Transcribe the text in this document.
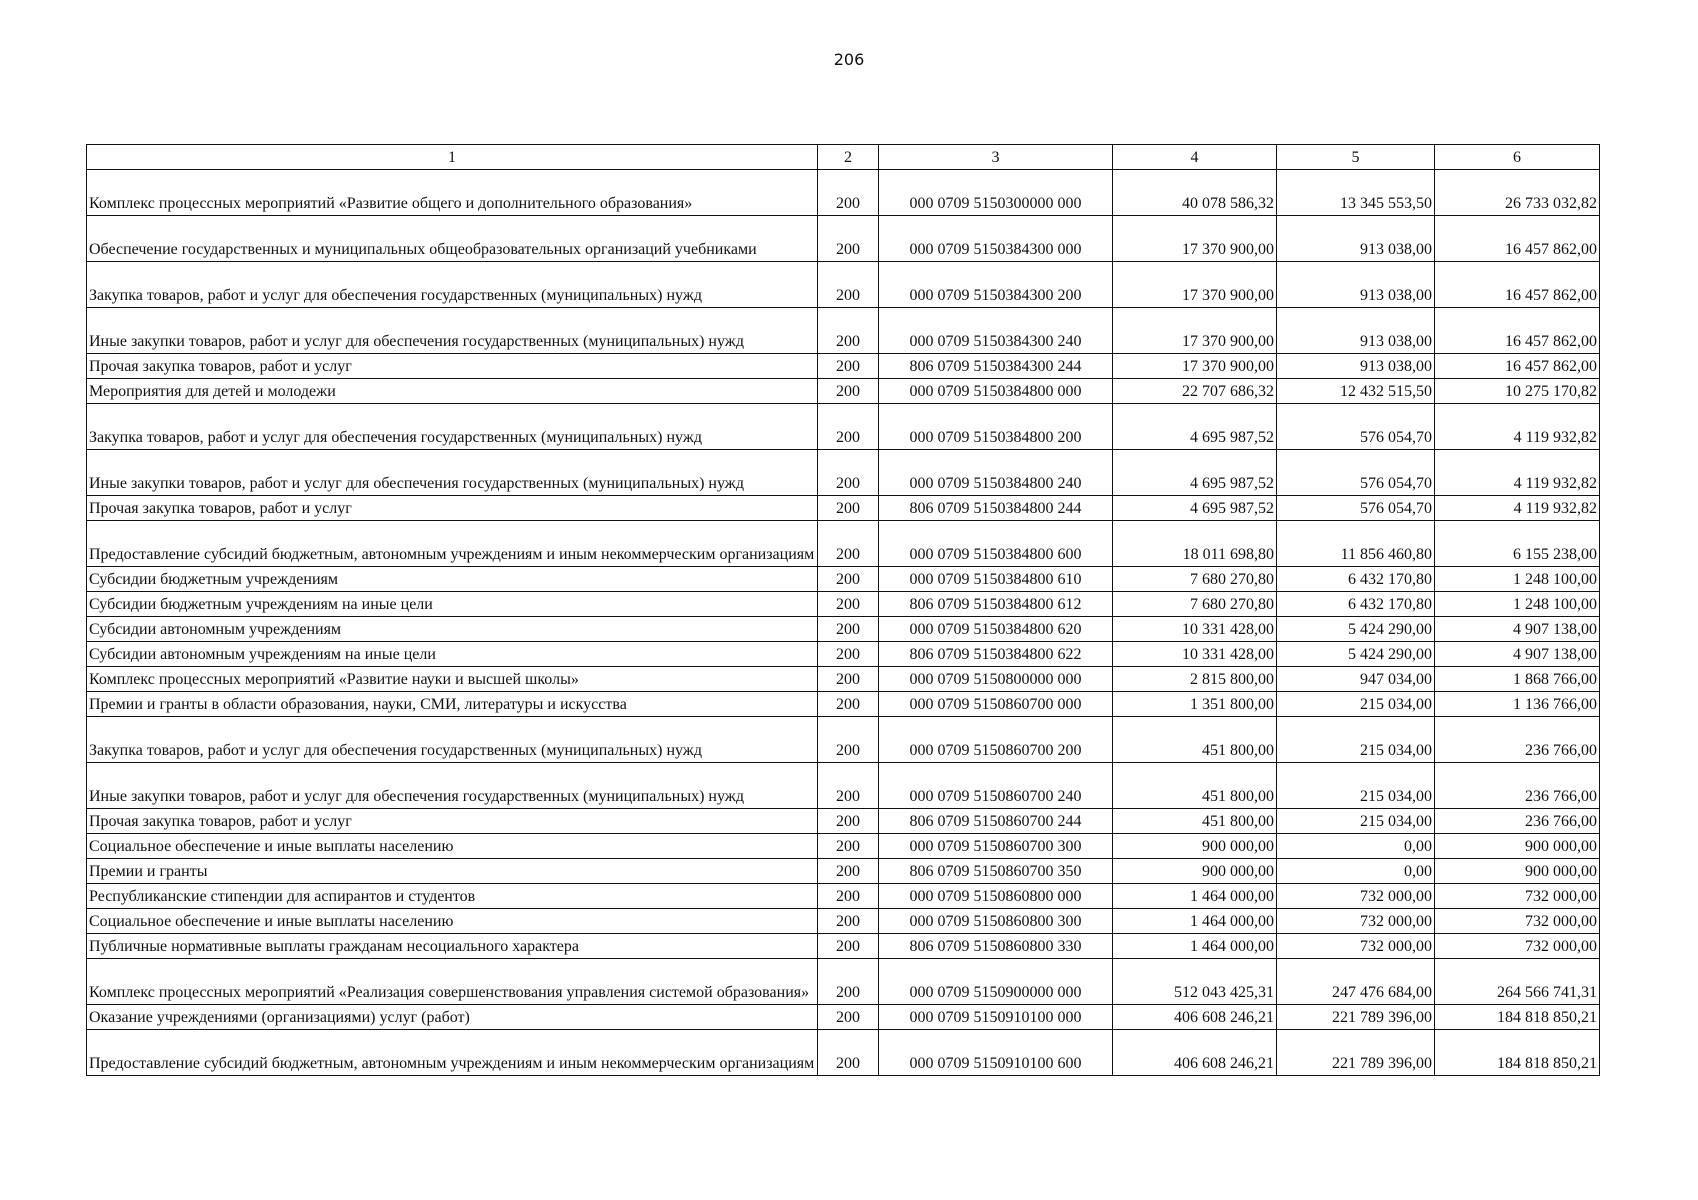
206
1	2	3	4	5	6
Комплекс процессных мероприятий «Развитие общего и дополнительного образования»	200	000 0709 5150300000 000	40 078 586,32	13 345 553,50	26 733 032,82
Обеспечение государственных и муниципальных общеобразовательных организаций учебниками	200	000 0709 5150384300 000	17 370 900,00	913 038,00	16 457 862,00
Закупка товаров, работ и услуг для обеспечения государственных (муниципальных) нужд	200	000 0709 5150384300 200	17 370 900,00	913 038,00	16 457 862,00
Иные закупки товаров, работ и услуг для обеспечения государственных (муниципальных) нужд	200	000 0709 5150384300 240	17 370 900,00	913 038,00	16 457 862,00
Прочая закупка товаров, работ и услуг	200	806 0709 5150384300 244	17 370 900,00	913 038,00	16 457 862,00
Мероприятия для детей и молодежи	200	000 0709 5150384800 000	22 707 686,32	12 432 515,50	10 275 170,82
Закупка товаров, работ и услуг для обеспечения государственных (муниципальных) нужд	200	000 0709 5150384800 200	4 695 987,52	576 054,70	4 119 932,82
Иные закупки товаров, работ и услуг для обеспечения государственных (муниципальных) нужд	200	000 0709 5150384800 240	4 695 987,52	576 054,70	4 119 932,82
Прочая закупка товаров, работ и услуг	200	806 0709 5150384800 244	4 695 987,52	576 054,70	4 119 932,82
Предоставление субсидий бюджетным, автономным учреждениям и иным некоммерческим организациям	200	000 0709 5150384800 600	18 011 698,80	11 856 460,80	6 155 238,00
Субсидии бюджетным учреждениям	200	000 0709 5150384800 610	7 680 270,80	6 432 170,80	1 248 100,00
Субсидии бюджетным учреждениям на иные цели	200	806 0709 5150384800 612	7 680 270,80	6 432 170,80	1 248 100,00
Субсидии автономным учреждениям	200	000 0709 5150384800 620	10 331 428,00	5 424 290,00	4 907 138,00
Субсидии автономным учреждениям на иные цели	200	806 0709 5150384800 622	10 331 428,00	5 424 290,00	4 907 138,00
Комплекс процессных мероприятий «Развитие науки и высшей школы»	200	000 0709 5150800000 000	2 815 800,00	947 034,00	1 868 766,00
Премии и гранты в области образования, науки, СМИ, литературы и искусства	200	000 0709 5150860700 000	1 351 800,00	215 034,00	1 136 766,00
Закупка товаров, работ и услуг для обеспечения государственных (муниципальных) нужд	200	000 0709 5150860700 200	451 800,00	215 034,00	236 766,00
Иные закупки товаров, работ и услуг для обеспечения государственных (муниципальных) нужд	200	000 0709 5150860700 240	451 800,00	215 034,00	236 766,00
Прочая закупка товаров, работ и услуг	200	806 0709 5150860700 244	451 800,00	215 034,00	236 766,00
Социальное обеспечение и иные выплаты населению	200	000 0709 5150860700 300	900 000,00	0,00	900 000,00
Премии и гранты	200	806 0709 5150860700 350	900 000,00	0,00	900 000,00
Республиканские стипендии для аспирантов и студентов	200	000 0709 5150860800 000	1 464 000,00	732 000,00	732 000,00
Социальное обеспечение и иные выплаты населению	200	000 0709 5150860800 300	1 464 000,00	732 000,00	732 000,00
Публичные нормативные выплаты гражданам несоциального характера	200	806 0709 5150860800 330	1 464 000,00	732 000,00	732 000,00
Комплекс процессных мероприятий «Реализация совершенствования управления системой образования»	200	000 0709 5150900000 000	512 043 425,31	247 476 684,00	264 566 741,31
Оказание учреждениями (организациями) услуг (работ)	200	000 0709 5150910100 000	406 608 246,21	221 789 396,00	184 818 850,21
Предоставление субсидий бюджетным, автономным учреждениям и иным некоммерческим организациям	200	000 0709 5150910100 600	406 608 246,21	221 789 396,00	184 818 850,21
